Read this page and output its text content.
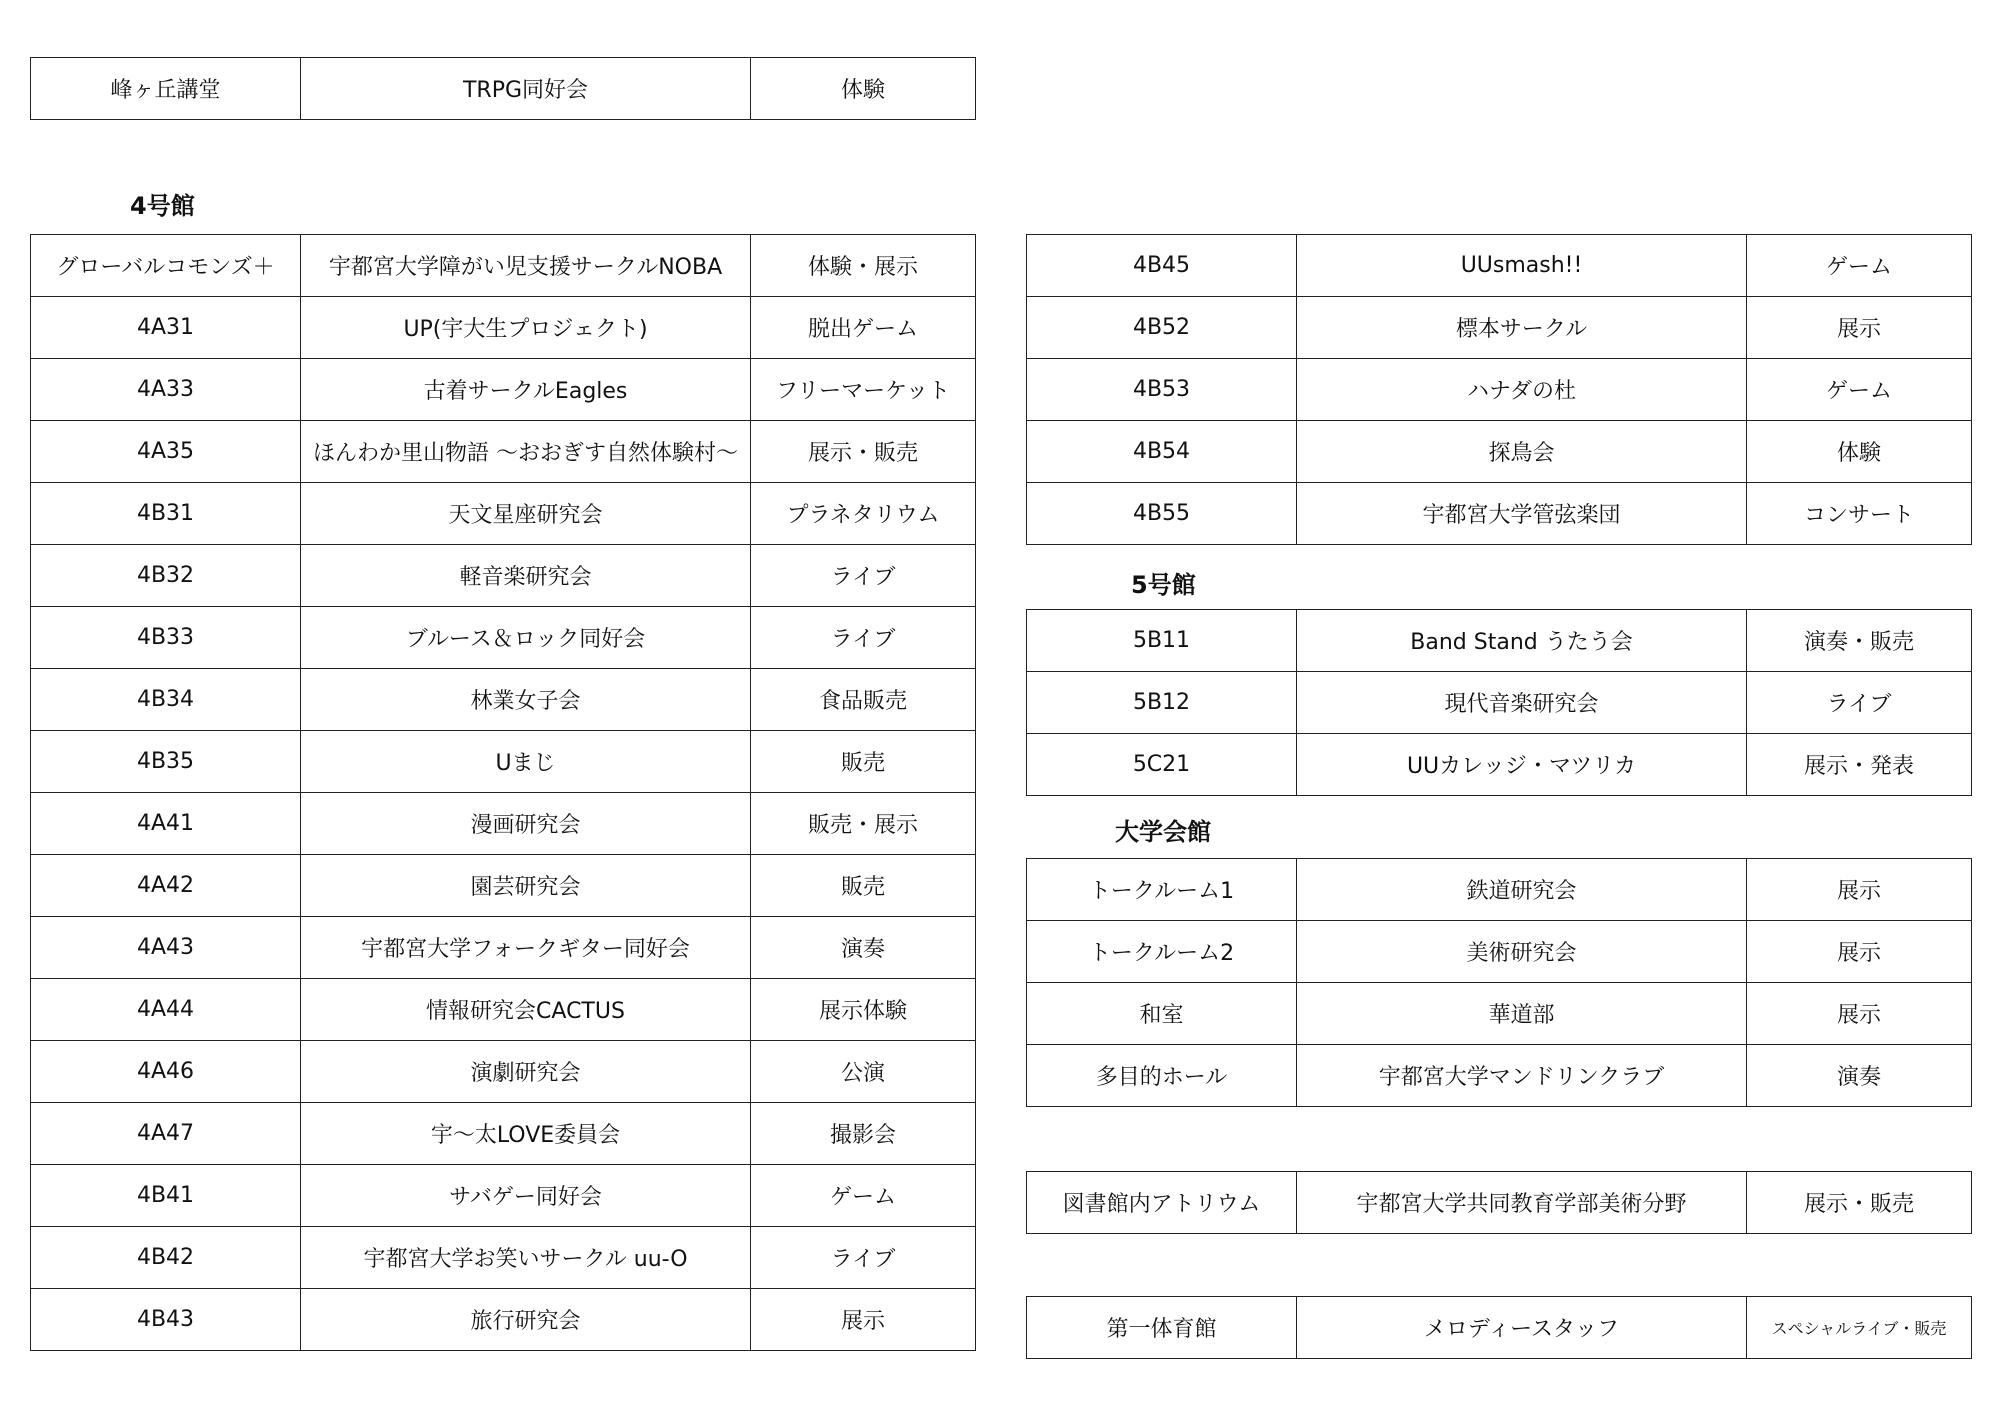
峰ヶ丘講堂	TRPG同好会	体験
4号館
グローバルコモンズ＋	宇都宮大学障がい児支援サークルNOBA	体験・展示
4A31	UP(宇大生プロジェクト)	脱出ゲーム
4A33	古着サークルEagles	フリーマーケット
4A35	ほんわか里山物語 ～おおぎす自然体験村～	展示・販売
4B31	天文星座研究会	プラネタリウム
4B32	軽音楽研究会	ライブ
4B33	ブルース＆ロック同好会	ライブ
4B34	林業女子会	食品販売
4B35	Uまじ	販売
4A41	漫画研究会	販売・展示
4A42	園芸研究会	販売
4A43	宇都宮大学フォークギター同好会	演奏
4A44	情報研究会CACTUS	展示体験
4A46	演劇研究会	公演
4A47	宇～太LOVE委員会	撮影会
4B41	サバゲー同好会	ゲーム
4B42	宇都宮大学お笑いサークル uu-O	ライブ
4B43	旅行研究会	展示
4B45	UUsmash!!	ゲーム
4B52	標本サークル	展示
4B53	ハナダの杜	ゲーム
4B54	探鳥会	体験
4B55	宇都宮大学管弦楽団	コンサート
5号館
5B11	Band Stand うたう会	演奏・販売
5B12	現代音楽研究会	ライブ
5C21	UUカレッジ・マツリカ	展示・発表
大学会館
トークルーム1	鉄道研究会	展示
トークルーム2	美術研究会	展示
和室	華道部	展示
多目的ホール	宇都宮大学マンドリンクラブ	演奏
図書館内アトリウム	宇都宮大学共同教育学部美術分野	展示・販売
第一体育館	メロディースタッフ	スペシャルライブ・販売
